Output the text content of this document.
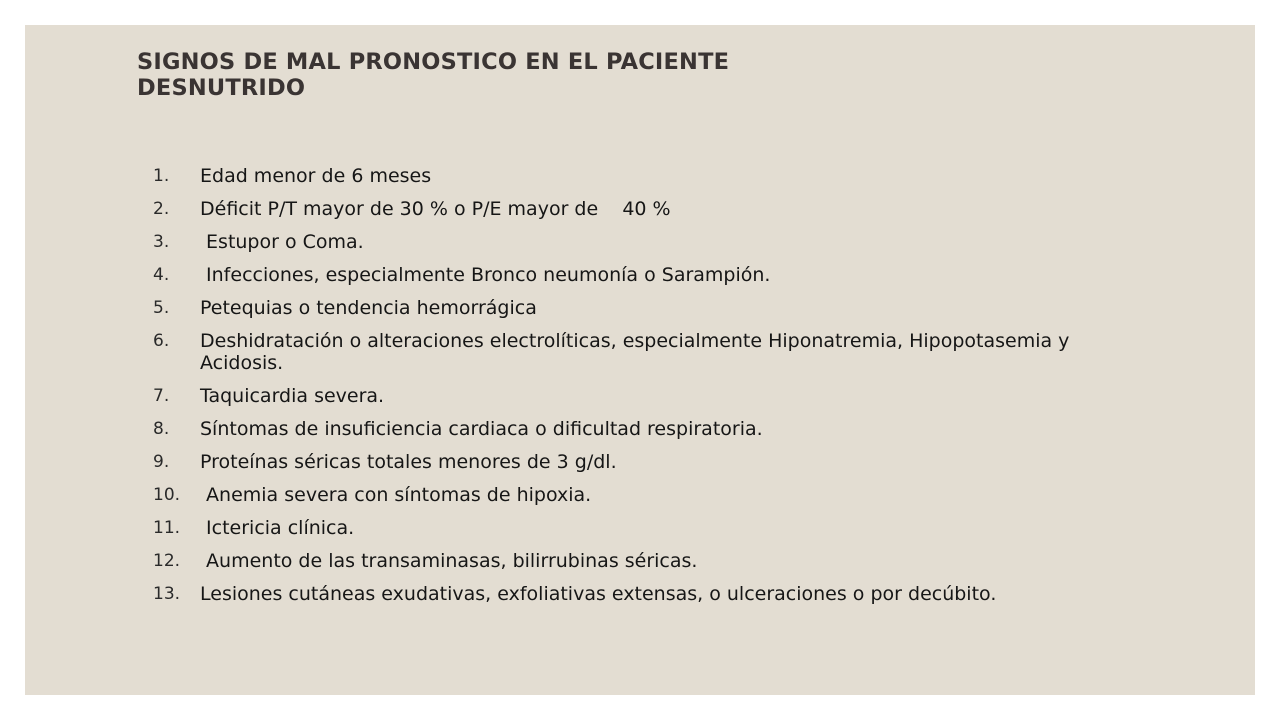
SIGNOS DE MAL PRONOSTICO EN EL PACIENTE
DESNUTRIDO
1. Edad menor de 6 meses
2. Déficit P/T mayor de 30 % o P/E mayor de    40 %
3. Estupor o Coma.
4. Infecciones, especialmente Bronco neumonía o Sarampión.
5. Petequias o tendencia hemorrágica
6. Deshidratación o alteraciones electrolíticas, especialmente Hiponatremia, Hipopotasemia y Acidosis.
7. Taquicardia severa.
8. Síntomas de insuficiencia cardiaca o dificultad respiratoria.
9. Proteínas séricas totales menores de 3 g/dl.
10. Anemia severa con síntomas de hipoxia.
11. Ictericia clínica.
12. Aumento de las transaminasas, bilirrubinas séricas.
13. Lesiones cutáneas exudativas, exfoliativas extensas, o ulceraciones o por decúbito.
